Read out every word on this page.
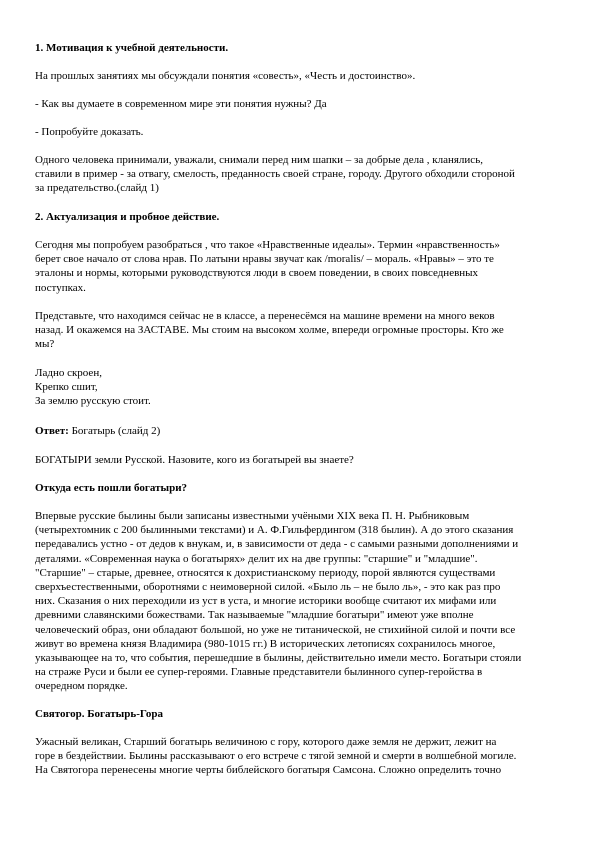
1. Мотивация к учебной деятельности.

На прошлых занятиях мы обсуждали понятия «совесть», «Честь и достоинство».

- Как вы думаете в современном мире эти понятия нужны? Да

- Попробуйте доказать.

Одного человека принимали, уважали, снимали перед ним шапки – за добрые дела , кланялись,
ставили в пример - за отвагу, смелость, преданность своей стране, городу. Другого обходили стороной
за предательство.(слайд 1)

2. Актуализация и пробное действие.

Сегодня мы попробуем разобраться , что такое «Нравственные идеалы». Термин «нравственность»
берет свое начало от слова нрав. По латыни нравы звучат как /moralis/ – мораль. «Нравы» – это те
эталоны и нормы, которыми руководствуются люди в своем поведении, в своих повседневных
поступках.
Представьте, что находимся сейчас не в классе, а перенесёмся на машине времени на много веков
назад. И окажемся на ЗАСТАВЕ. Мы стоим на высоком холме, впереди огромные просторы. Кто же
мы?
Ладно скроен,
Крепко сшит,
За землю русскую стоит.

Ответ: Богатырь (слайд 2)

БОГАТЫРИ земли Русской. Назовите, кого из богатырей вы знаете?

Откуда есть пошли богатыри?

Впервые русские былины были записаны известными учёными XIX века П. Н. Рыбниковым
(четырехтомник с 200 былинными текстами) и А. Ф.Гильфердингом (318 былин). А до этого сказания
передавались устно - от дедов к внукам, и, в зависимости от деда - с самыми разными дополнениями и
деталями. «Современная наука о богатырях» делит их на две группы: "старшие" и "младшие".
"Старшие" – старые, древнее, относятся к дохристианскому периоду, порой являются существами
сверхъестественными, оборотнями с неимоверной силой. «Было ль – не было ль», - это как раз про
них. Сказания о них переходили из уст в уста, и многие историки вообще считают их мифами или
древними славянскими божествами. Так называемые "младшие богатыри" имеют уже вполне
человеческий образ, они обладают большой, но уже не титанической, не стихийной силой и почти все
живут во времена князя Владимира (980-1015 гг.) В исторических летописях сохранилось многое,
указывающее на то, что события, перешедшие в былины, действительно имели место. Богатыри стояли
на страже Руси и были ее супер-героями. Главные представители былинного супер-геройства в
очередном порядке.

Святогор. Богатырь-Гора

Ужасный великан, Старший богатырь величиною с гору, которого даже земля не держит, лежит на
горе в бездействии. Былины рассказывают о его встрече с тягой земной и смерти в волшебной могиле.
На Святогора перенесены многие черты библейского богатыря Самсона. Сложно определить точно
